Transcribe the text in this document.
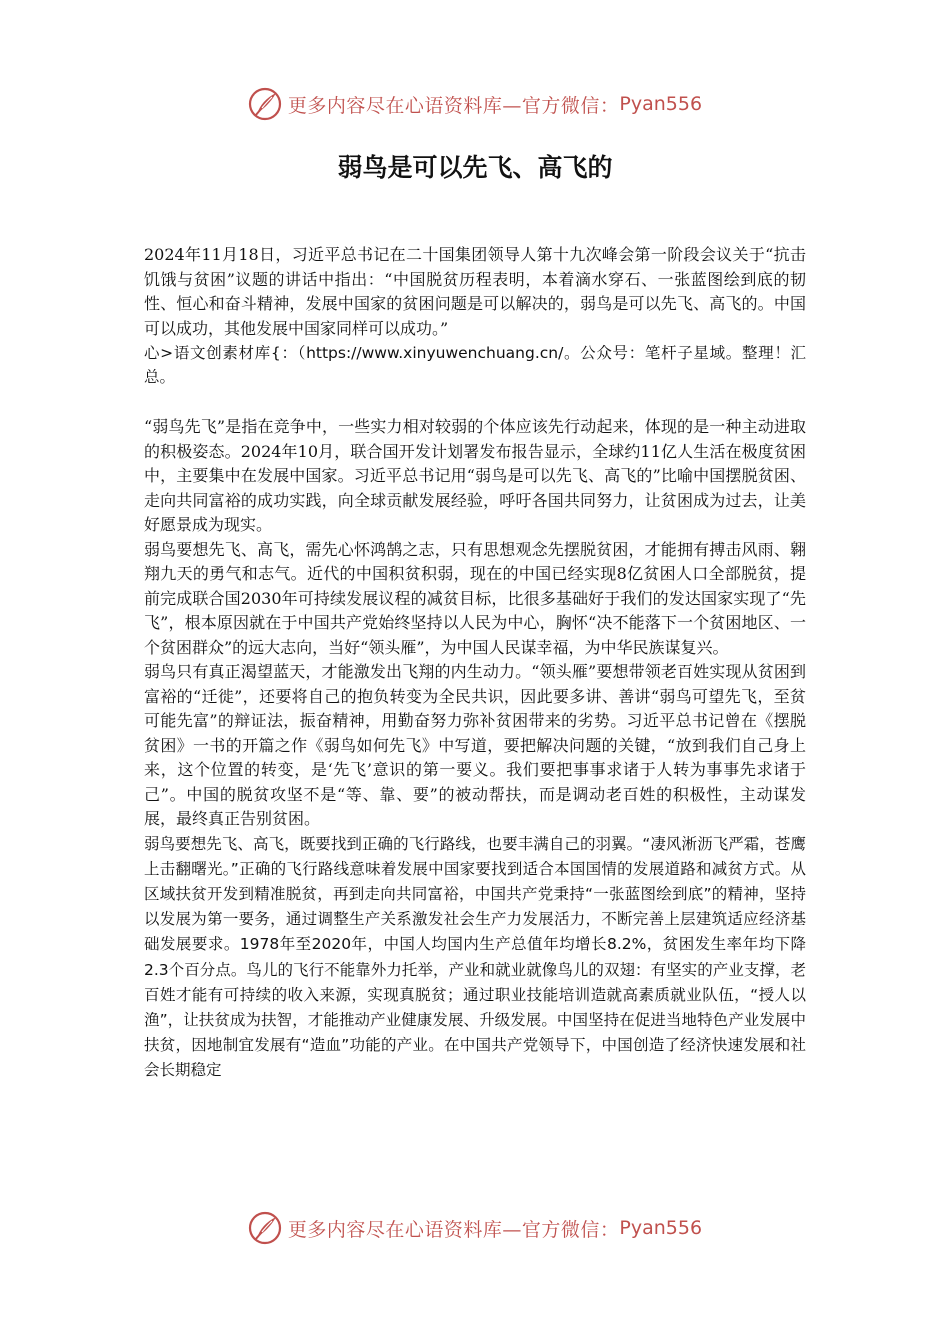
更多内容尽在心语资料库—官方微信： Pyan556
弱鸟是可以先飞、高飞的

2024年11月18日，习近平总书记在二十国集团领导人第十九次峰会第一阶段会议关于“抗击饥饿与贫困”议题的讲话中指出：“中国脱贫历程表明，本着滴水穿石、一张蓝图绘到底的韧性、恒心和奋斗精神，发展中国家的贫困问题是可以解决的，弱鸟是可以先飞、高飞的。中国可以成功，其他发展中国家同样可以成功。”

心>语文创素材库{：（https://www.xinyuwenchuang.cn/。公众号：笔杆子星域。整理！汇总。

“弱鸟先飞”是指在竞争中，一些实力相对较弱的个体应该先行动起来，体现的是一种主动进取的积极姿态。2024年10月，联合国开发计划署发布报告显示，全球约11亿人生活在极度贫困中，主要集中在发展中国家。习近平总书记用“弱鸟是可以先飞、高飞的”比喻中国摆脱贫困、走向共同富裕的成功实践，向全球贡献发展经验，呼吁各国共同努力，让贫困成为过去，让美好愿景成为现实。

弱鸟要想先飞、高飞，需先心怀鸿鹄之志，只有思想观念先摆脱贫困，才能拥有搏击风雨、翱翔九天的勇气和志气。近代的中国积贫积弱，现在的中国已经实现8亿贫困人口全部脱贫，提前完成联合国2030年可持续发展议程的减贫目标，比很多基础好于我们的发达国家实现了“先飞”，根本原因就在于中国共产党始终坚持以人民为中心，胸怀“决不能落下一个贫困地区、一个贫困群众”的远大志向，当好“领头雁”，为中国人民谋幸福，为中华民族谋复兴。

弱鸟只有真正渴望蓝天，才能激发出飞翔的内生动力。“领头雁”要想带领老百姓实现从贫困到富裕的“迁徙”，还要将自己的抱负转变为全民共识，因此要多讲、善讲“弱鸟可望先飞，至贫可能先富”的辩证法，振奋精神，用勤奋努力弥补贫困带来的劣势。习近平总书记曾在《摆脱贫困》一书的开篇之作《弱鸟如何先飞》中写道，要把解决问题的关键，“放到我们自己身上来，这个位置的转变，是‘先飞’意识的第一要义。我们要把事事求诸于人转为事事先求诸于己”。中国的脱贫攻坚不是“等、靠、要”的被动帮扶，而是调动老百姓的积极性，主动谋发展，最终真正告别贫困。

弱鸟要想先飞、高飞，既要找到正确的飞行路线，也要丰满自己的羽翼。“凄风淅沥飞严霜，苍鹰上击翻曙光。”正确的飞行路线意味着发展中国家要找到适合本国国情的发展道路和减贫方式。从区域扶贫开发到精准脱贫，再到走向共同富裕，中国共产党秉持“一张蓝图绘到底”的精神，坚持以发展为第一要务，通过调整生产关系激发社会生产力发展活力，不断完善上层建筑适应经济基础发展要求。1978年至2020年，中国人均国内生产总值年均增长8.2%，贫困发生率年均下降2.3个百分点。鸟儿的飞行不能靠外力托举，产业和就业就像鸟儿的双翅：有坚实的产业支撑，老百姓才能有可持续的收入来源，实现真脱贫；通过职业技能培训造就高素质就业队伍，“授人以渔”，让扶贫成为扶智，才能推动产业健康发展、升级发展。中国坚持在促进当地特色产业发展中扶贫，因地制宜发展有“造血”功能的产业。在中国共产党领导下，中国创造了经济快速发展和社会长期稳定

更多内容尽在心语资料库—官方微信： Pyan556
